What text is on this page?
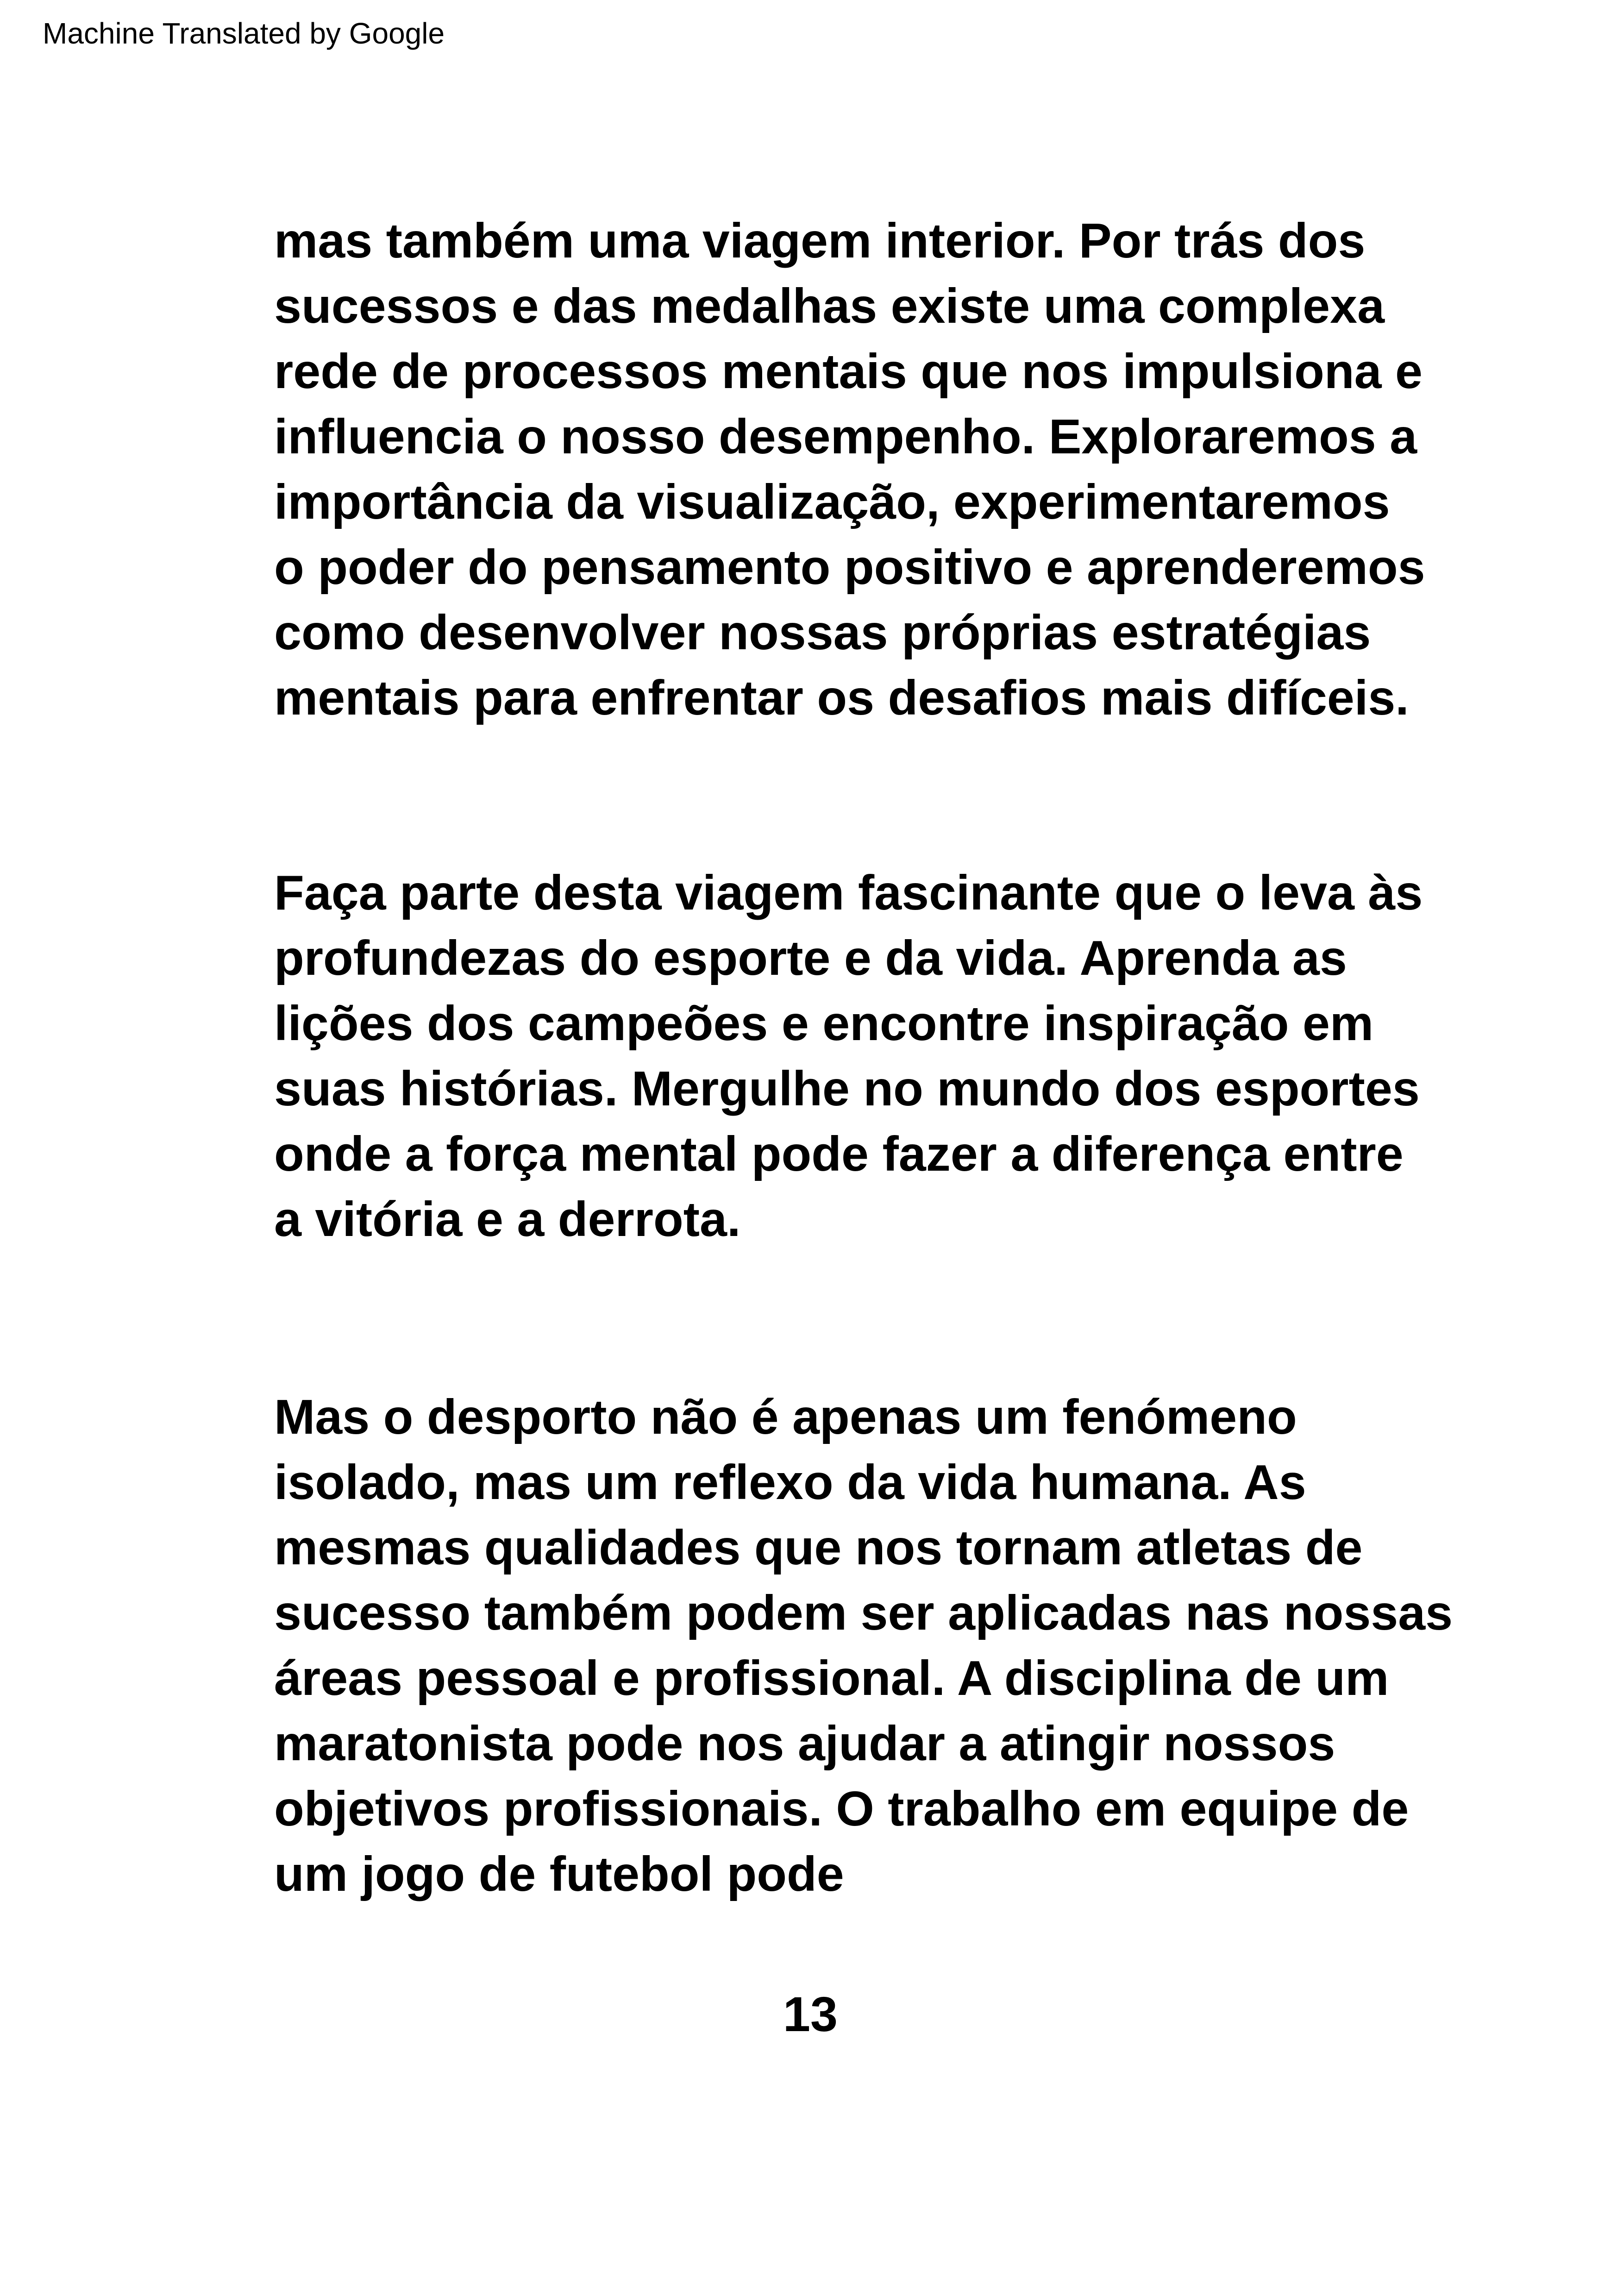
Machine Translated by Google
mas também uma viagem interior. Por trás dos
sucessos e das medalhas existe uma complexa
rede de processos mentais que nos impulsiona e
influencia o nosso desempenho. Exploraremos a
importância da visualização, experimentaremos
o poder do pensamento positivo e aprenderemos
como desenvolver nossas próprias estratégias
mentais para enfrentar os desafios mais difíceis.
Faça parte desta viagem fascinante que o leva às
profundezas do esporte e da vida. Aprenda as
lições dos campeões e encontre inspiração em
suas histórias. Mergulhe no mundo dos esportes
onde a força mental pode fazer a diferença entre
a vitória e a derrota.
Mas o desporto não é apenas um fenómeno
isolado, mas um reflexo da vida humana. As
mesmas qualidades que nos tornam atletas de
sucesso também podem ser aplicadas nas nossas
áreas pessoal e profissional. A disciplina de um
maratonista pode nos ajudar a atingir nossos
objetivos profissionais. O trabalho em equipe de
um jogo de futebol pode
13
